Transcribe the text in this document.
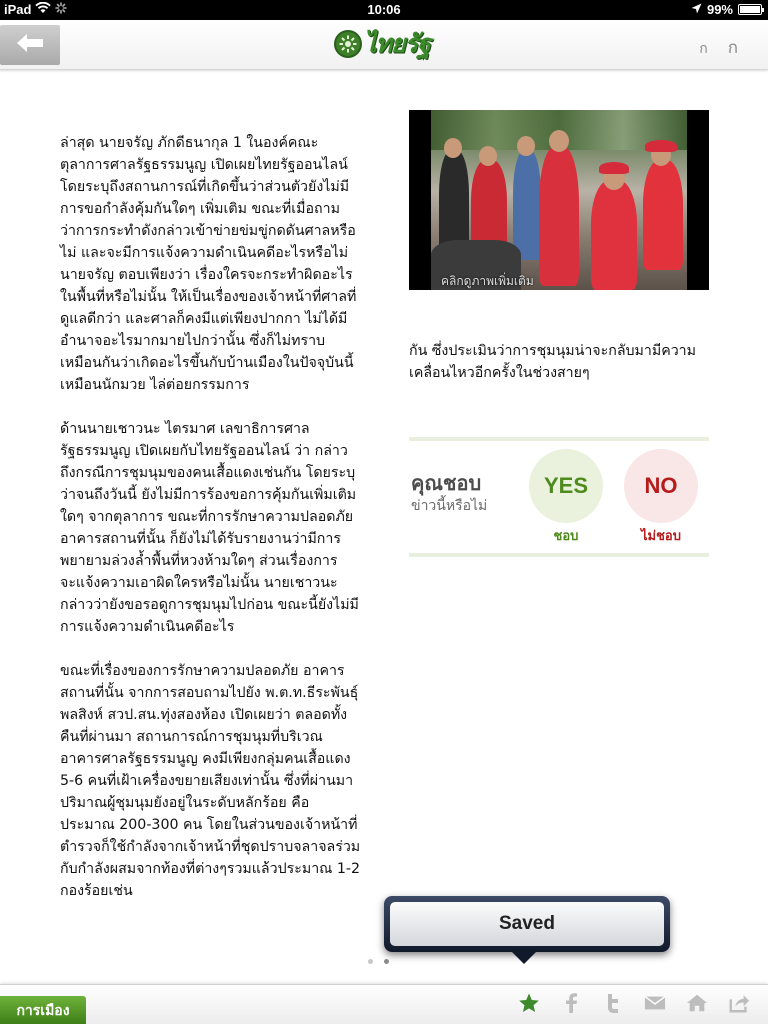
iPad	10:06	99%
ไทยรัฐ	ก ก

ล่าสุด นายจรัญ ภักดีธนากุล 1 ในองค์คณะตุลาการศาลรัฐธรรมนูญ เปิดเผยไทยรัฐออนไลน์ โดยระบุถึงสถานการณ์ที่เกิดขึ้นว่าส่วนตัวยังไม่มีการขอกำลังคุ้มกันใดๆ เพิ่มเติม ขณะที่เมื่อถามว่าการกระทำดังกล่าวเข้าข่ายข่มขู่กดดันศาลหรือไม่ และจะมีการแจ้งความดำเนินคดีอะไรหรือไม่ นายจรัญ ตอบเพียงว่า เรื่องใครจะกระทำผิดอะไรในพื้นที่หรือไม่นั้น ให้เป็นเรื่องของเจ้าหน้าที่ศาลที่ดูแลดีกว่า และศาลก็คงมีแต่เพียงปากกา ไม่ได้มีอำนาจอะไรมากมายไปกว่านั้น ซึ่งก็ไม่ทราบเหมือนกันว่าเกิดอะไรขึ้นกับบ้านเมืองในปัจจุบันนี้ เหมือนนักมวย ไล่ต่อยกรรมการ

ด้านนายเชาวนะ ไตรมาศ เลขาธิการศาลรัฐธรรมนูญ เปิดเผยกับไทยรัฐออนไลน์ ว่า กล่าวถึงกรณีการชุมนุมของคนเสื้อแดงเช่นกัน โดยระบุว่าจนถึงวันนี้ ยังไม่มีการร้องขอการคุ้มกันเพิ่มเติมใดๆ จากตุลาการ ขณะที่การรักษาความปลอดภัยอาคารสถานที่นั้น ก็ยังไม่ได้รับรายงานว่ามีการพยายามล่วงล้ำพื้นที่หวงห้ามใดๆ ส่วนเรื่องการจะแจ้งความเอาผิดใครหรือไม่นั้น นายเชาวนะ กล่าวว่ายังขอรอดูการชุมนุมไปก่อน ขณะนี้ยังไม่มีการแจ้งความดำเนินคดีอะไร

ขณะที่เรื่องของการรักษาความปลอดภัย อาคารสถานที่นั้น จากการสอบถามไปยัง พ.ต.ท.ธีระพันธุ์ พลสิงห์ สวป.สน.ทุ่งสองห้อง เปิดเผยว่า ตลอดทั้งคืนที่ผ่านมา สถานการณ์การชุมนุมที่บริเวณอาคารศาลรัฐธรรมนูญ คงมีเพียงกลุ่มคนเสื้อแดง 5-6 คนที่เฝ้าเครื่องขยายเสียงเท่านั้น ซึ่งที่ผ่านมาปริมาณผู้ชุมนุมยังอยู่ในระดับหลักร้อย คือประมาณ 200-300 คน โดยในส่วนของเจ้าหน้าที่ตำรวจก็ใช้กำลังจากเจ้าหน้าที่ชุดปราบจลาจลร่วมกับกำลังผสมจากท้องที่ต่างๆรวมแล้วประมาณ 1-2 กองร้อยเช่น

คลิกดูภาพเพิ่มเติม
กัน ซึ่งประเมินว่าการชุมนุมน่าจะกลับมามีความเคลื่อนไหวอีกครั้งในช่วงสายๆ
คุณชอบ
ข่าวนี้หรือไม่
YES
ชอบ
NO
ไม่ชอบ
Saved
การเมือง
